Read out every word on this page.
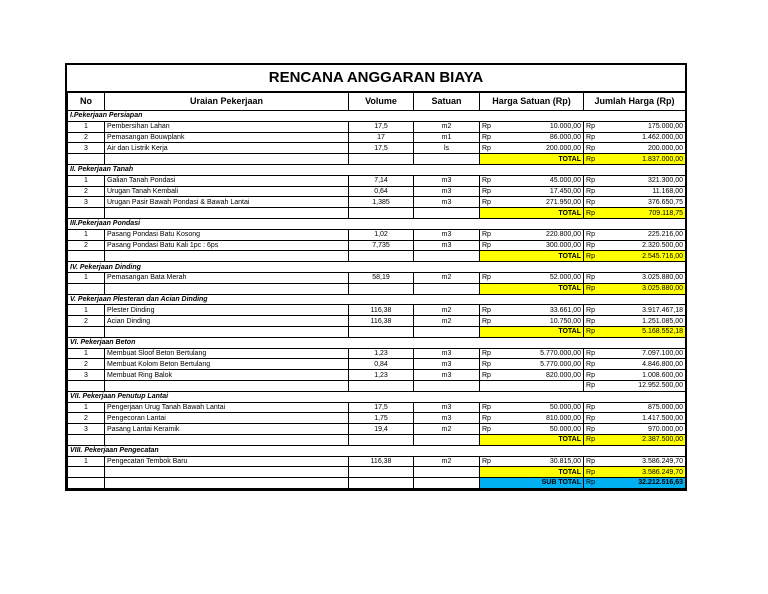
RENCANA ANGGARAN BIAYA
No	Uraian Pekerjaan	Volume	Satuan	Harga Satuan (Rp)		Jumlah Harga (Rp)	
I.Pekerjaan Persiapan							
1	Pembersihan Lahan	17,5	m2	Rp	10.000,00	Rp	175.000,00
2	Pemasangan Bouwplank	17	m1	Rp	86.000,00	Rp	1.462.000,00
3	Air dan Listrik Kerja	17,5	ls	Rp	200.000,00	Rp	200.000,00
				TOTAL		Rp	1.837.000,00
II. Pekerjaan Tanah							
1	Galian Tanah Pondasi	7,14	m3	Rp	45.000,00	Rp	321.300,00
2	Urugan Tanah Kembali	0,64	m3	Rp	17.450,00	Rp	11.168,00
3	Urugan Pasir Bawah Pondasi & Bawah Lantai	1,385	m3	Rp	271.950,00	Rp	376.650,75
				TOTAL		Rp	709.118,75
III.Pekerjaan Pondasi							
1	Pasang Pondasi Batu Kosong	1,02	m3	Rp	220.800,00	Rp	225.216,00
2	Pasang Pondasi Batu Kali 1pc : 6ps	7,735	m3	Rp	300.000,00	Rp	2.320.500,00
				TOTAL		Rp	2.545.716,00
IV. Pekerjaan Dinding							
1	Pemasangan Bata Merah	58,19	m2	Rp	52.000,00	Rp	3.025.880,00
				TOTAL		Rp	3.025.880,00
V. Pekerjaan Plesteran dan Acian Dinding							
1	Plester Dinding	116,38	m2	Rp	33.661,00	Rp	3.917.467,18
2	Acian Dinding	116,38	m2	Rp	10.750,00	Rp	1.251.085,00
				TOTAL		Rp	5.168.552,18
VI. Pekerjaan Beton							
1	Membuat Sloof Beton Bertulang	1,23	m3	Rp	5.770.000,00	Rp	7.097.100,00
2	Membuat Kolom Beton Bertulang	0,84	m3	Rp	5.770.000,00	Rp	4.846.800,00
3	Membuat Ring Balok	1,23	m3	Rp	820.000,00	Rp	1.008.600,00
						Rp	12.952.500,00
VII. Pekerjaan Penutup Lantai							
1	Pengerjaan Urug Tanah Bawah Lantai	17,5	m3	Rp	50.000,00	Rp	875.000,00
2	Pengecoran Lantai	1,75	m3	Rp	810.000,00	Rp	1.417.500,00
3	Pasang Lantai Keramik	19,4	m2	Rp	50.000,00	Rp	970.000,00
				TOTAL		Rp	2.387.500,00
VIII. Pekerjaan Pengecatan							
1	Pengecatan Tembok Baru	116,38	m2	Rp	30.815,00	Rp	3.586.249,70
				TOTAL		Rp	3.586.249,70
				SUB TOTAL		Rp	32.212.516,63
